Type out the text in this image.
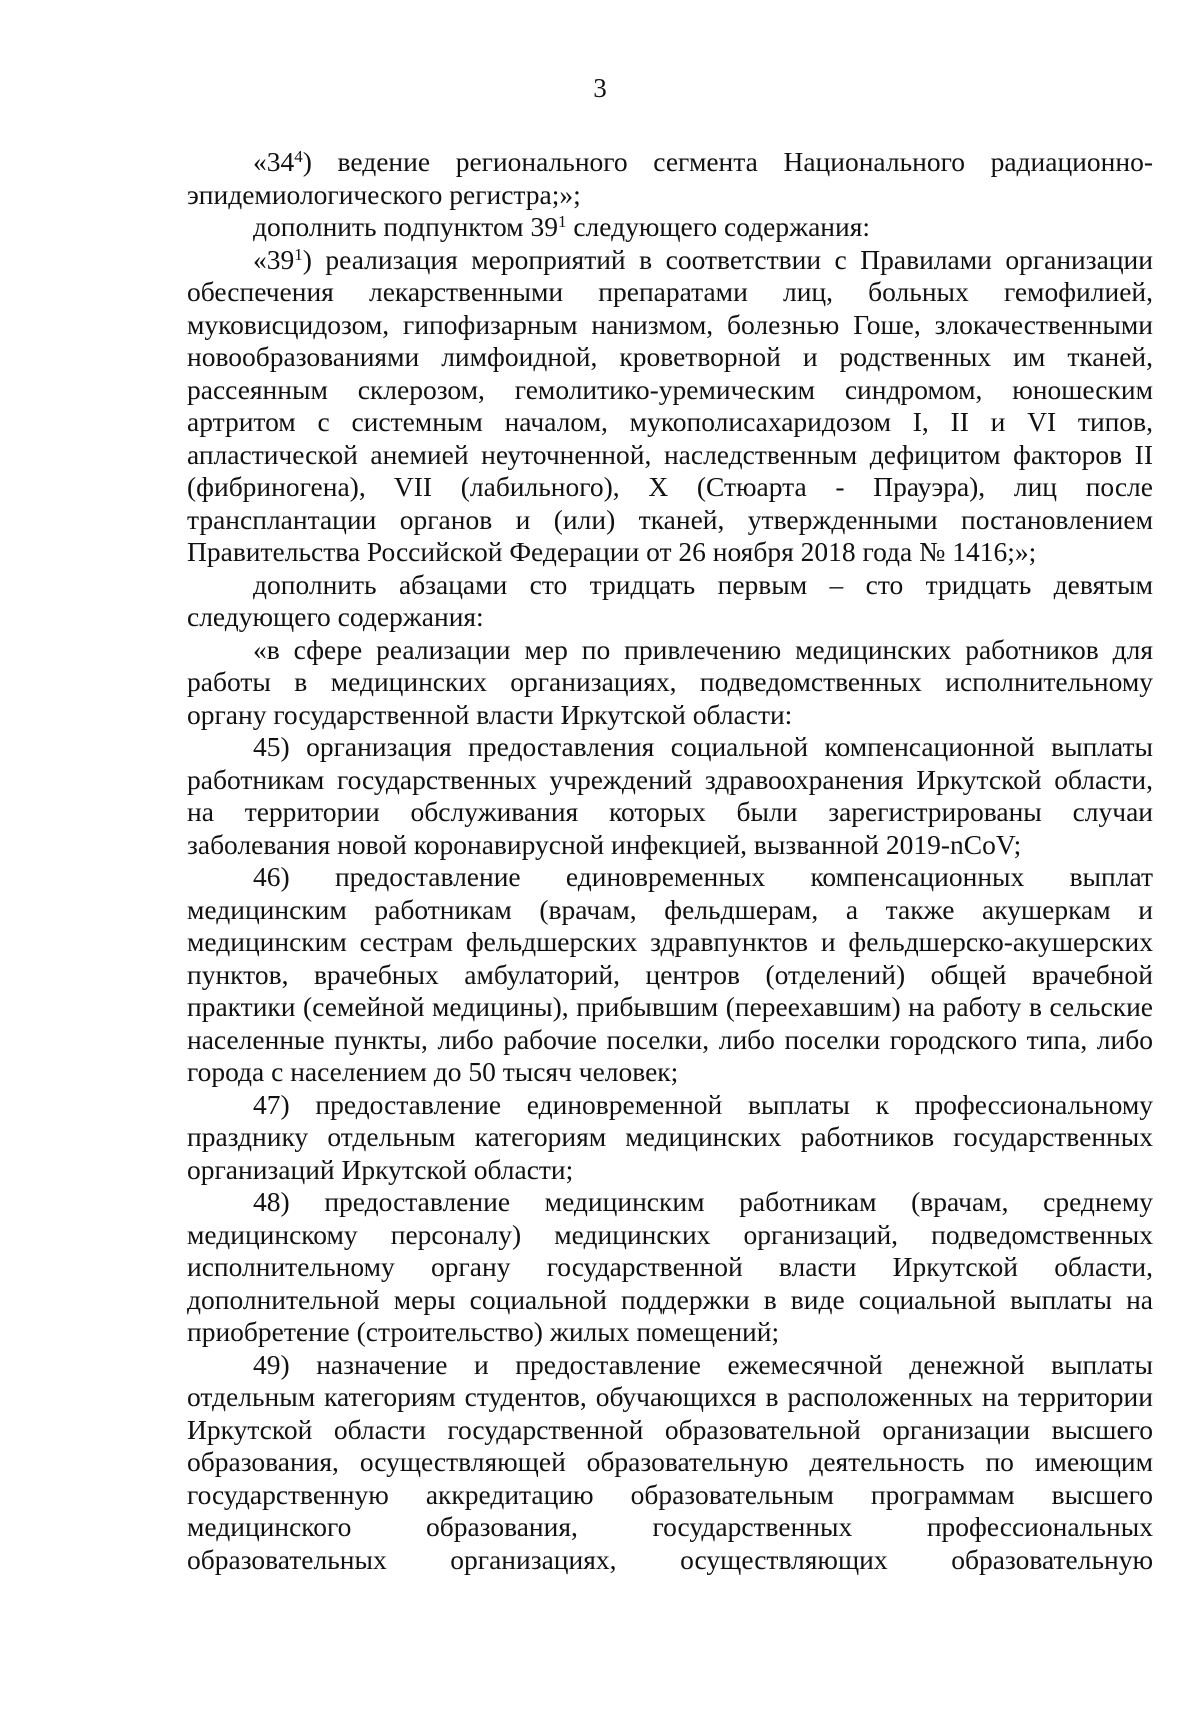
3

«$34^4$) ведение регионального сегмента Национального радиационно-эпидемиологического регистра;»;

дополнить подпунктом $39^1$ следующего содержания:

«$39^1$) реализация мероприятий в соответствии с Правилами организации обеспечения лекарственными препаратами лиц, больных гемофилией, муковисцидозом, гипофизарным нанизмом, болезнью Гоше, злокачественными новообразованиями лимфоидной, кроветворной и родственных им тканей, рассеянным склерозом, гемолитико-уремическим синдромом, юношеским артритом с системным началом, мукополисахаридозом I, II и VI типов, апластической анемией неуточненной, наследственным дефицитом факторов II (фибриногена), VII (лабильного), X (Стюарта - Прауэра), лиц после трансплантации органов и (или) тканей, утвержденными постановлением Правительства Российской Федерации от 26 ноября 2018 года № 1416;»;

дополнить абзацами сто тридцать первым – сто тридцать девятым следующего содержания:

«в сфере реализации мер по привлечению медицинских работников для работы в медицинских организациях, подведомственных исполнительному органу государственной власти Иркутской области:

45) организация предоставления социальной компенсационной выплаты работникам государственных учреждений здравоохранения Иркутской области, на территории обслуживания которых были зарегистрированы случаи заболевания новой коронавирусной инфекцией, вызванной 2019-nCoV;

46) предоставление единовременных компенсационных выплат медицинским работникам (врачам, фельдшерам, а также акушеркам и медицинским сестрам фельдшерских здравпунктов и фельдшерско-акушерских пунктов, врачебных амбулаторий, центров (отделений) общей врачебной практики (семейной медицины), прибывшим (переехавшим) на работу в сельские населенные пункты, либо рабочие поселки, либо поселки городского типа, либо города с населением до 50 тысяч человек;

47) предоставление единовременной выплаты к профессиональному празднику отдельным категориям медицинских работников государственных организаций Иркутской области;

48) предоставление медицинским работникам (врачам, среднему медицинскому персоналу) медицинских организаций, подведомственных исполнительному органу государственной власти Иркутской области, дополнительной меры социальной поддержки в виде социальной выплаты на приобретение (строительство) жилых помещений;

49) назначение и предоставление ежемесячной денежной выплаты отдельным категориям студентов, обучающихся в расположенных на территории Иркутской области государственной образовательной организации высшего образования, осуществляющей образовательную деятельность по имеющим государственную аккредитацию образовательным программам высшего медицинского образования, государственных профессиональных образовательных организациях, осуществляющих образовательную
